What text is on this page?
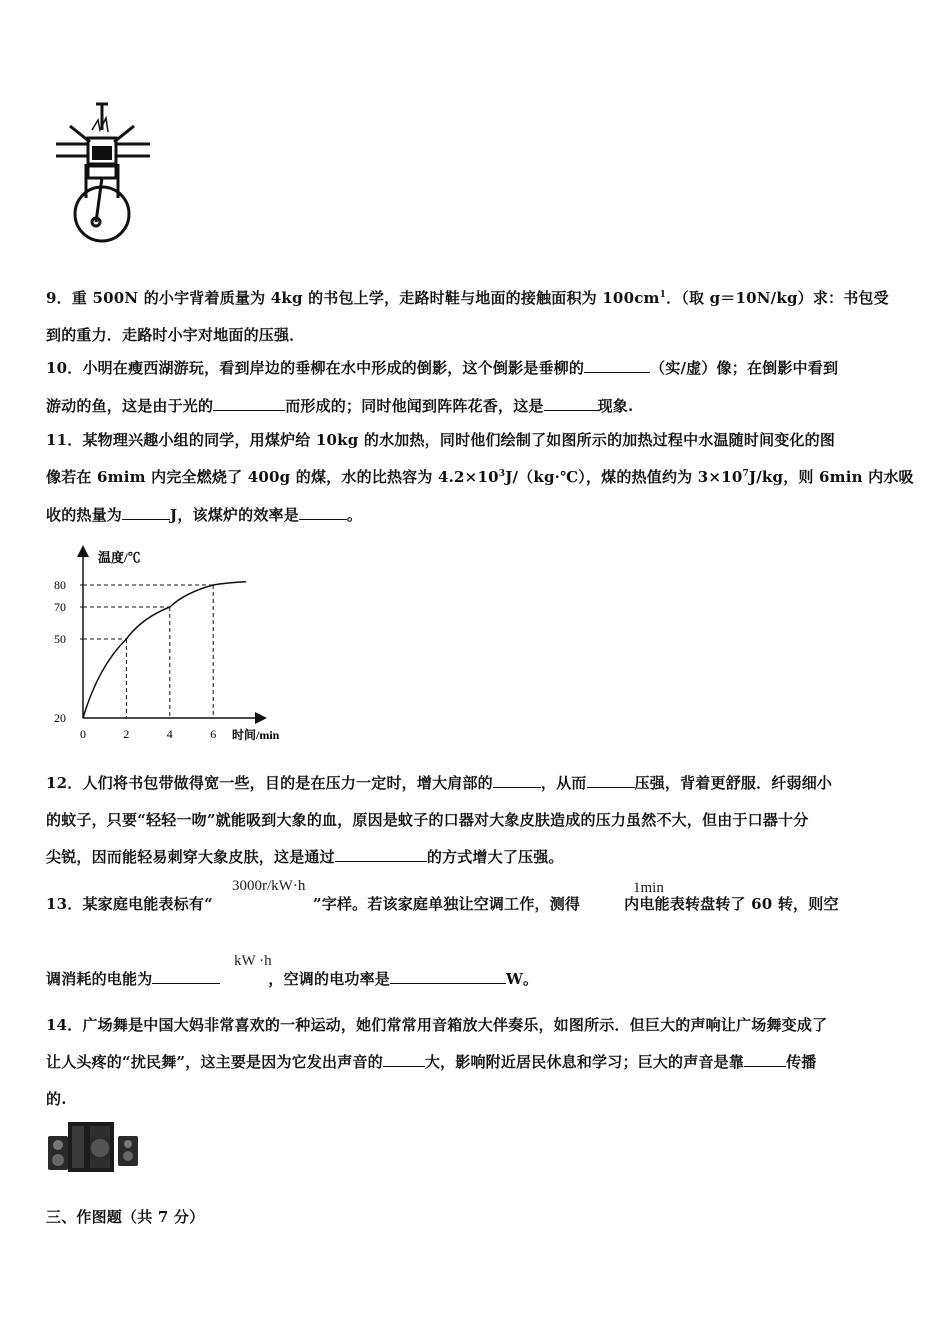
9．重 500N 的小宇背着质量为 4kg 的书包上学，走路时鞋与地面的接触面积为 $100cm^1$．（取 g＝10N/kg）求：书包受
到的重力．走路时小宇对地面的压强．
10．小明在瘦西湖游玩，看到岸边的垂柳在水中形成的倒影，这个倒影是垂柳的	（实/虚）像；在倒影中看到
游动的鱼，这是由于光的	而形成的；同时他闻到阵阵花香，这是	现象.
11．某物理兴趣小组的同学，用煤炉给 10kg 的水加热，同时他们绘制了如图所示的加热过程中水温随时间变化的图
像若在 6mim 内完全燃烧了 400g 的煤，水的比热容为 $4.2\times 10^3J/(kg\cdot℃)$，煤的热值约为 $3\times 10^7J/kg$，则 6min 内水吸
收的热量为	J，该煤炉的效率是	。
温度/℃
时间/min
20
50
70
80
0	2	4	6
12．人们将书包带做得宽一些，目的是在压力一定时，增大肩部的	，从而	压强，背着更舒服．纤弱细小
的蚊子，只要“轻轻一吻”就能吸到大象的血，原因是蚊子的口器对大象皮肤造成的压力虽然不大，但由于口器十分
尖锐，因而能轻易刺穿大象皮肤，这是通过	的方式增大了压强。
3000r/kW·h	1min
13．某家庭电能表标有“	”字样。若该家庭单独让空调工作，测得	内电能表转盘转了 60 转，则空
kW ·h
调消耗的电能为	，空调的电功率是	W。
14．广场舞是中国大妈非常喜欢的一种运动，她们常常用音箱放大伴奏乐，如图所示．但巨大的声响让广场舞变成了
让人头疼的“扰民舞”，这主要是因为它发出声音的	大，影响附近居民休息和学习；巨大的声音是靠	传播
的.
三、作图题（共 7 分）
